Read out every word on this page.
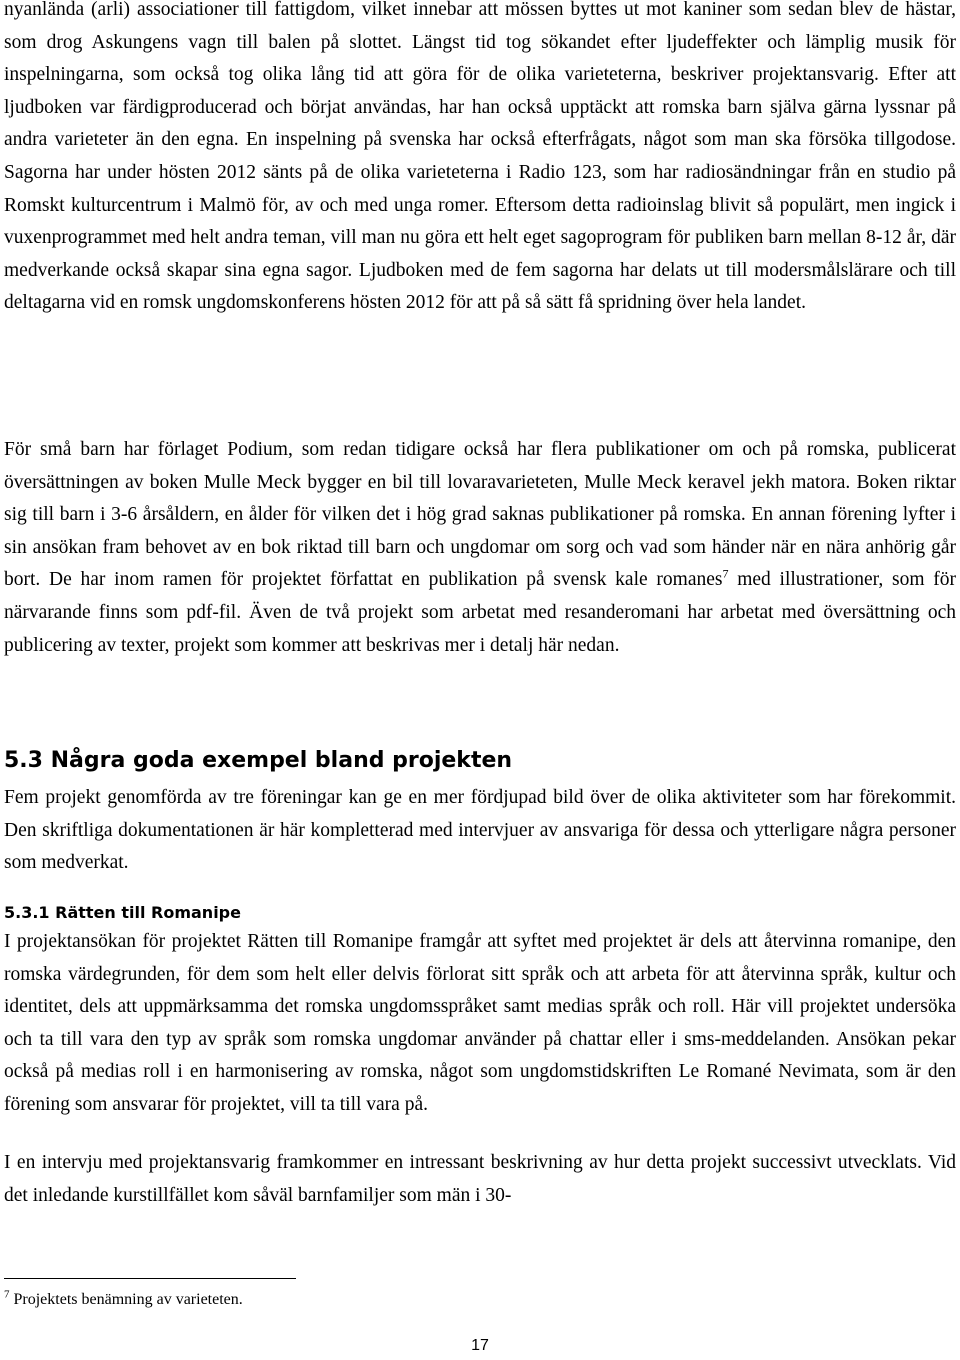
nyanlända (arli) associationer till fattigdom, vilket innebar att mössen byttes ut mot kaniner som sedan blev de hästar, som drog Askungens vagn till balen på slottet. Längst tid tog sökandet efter ljudeffekter och lämplig musik för inspelningarna, som också tog olika lång tid att göra för de olika varieteterna, beskriver projektansvarig. Efter att ljudboken var färdigproducerad och börjat användas, har han också upptäckt att romska barn själva gärna lyssnar på andra varieteter än den egna. En inspelning på svenska har också efterfrågats, något som man ska försöka tillgodose. Sagorna har under hösten 2012 sänts på de olika varieteterna i Radio 123, som har radiosändningar från en studio på Romskt kulturcentrum i Malmö för, av och med unga romer. Eftersom detta radioinslag blivit så populärt, men ingick i vuxenprogrammet med helt andra teman, vill man nu göra ett helt eget sagoprogram för publiken barn mellan 8-12 år, där medverkande också skapar sina egna sagor. Ljudboken med de fem sagorna har delats ut till modersmålslärare och till deltagarna vid en romsk ungdomskonferens hösten 2012 för att på så sätt få spridning över hela landet.

För små barn har förlaget Podium, som redan tidigare också har flera publikationer om och på romska, publicerat översättningen av boken Mulle Meck bygger en bil till lovaravarieteten, Mulle Meck keravel jekh matora. Boken riktar sig till barn i 3-6 årsåldern, en ålder för vilken det i hög grad saknas publikationer på romska. En annan förening lyfter i sin ansökan fram behovet av en bok riktad till barn och ungdomar om sorg och vad som händer när en nära anhörig går bort. De har inom ramen för projektet författat en publikation på svensk kale romanes$^7$ med illustrationer, som för närvarande finns som pdf-fil. Även de två projekt som arbetat med resanderomani har arbetat med översättning och publicering av texter, projekt som kommer att beskrivas mer i detalj här nedan.

5.3 Några goda exempel bland projekten

Fem projekt genomförda av tre föreningar kan ge en mer fördjupad bild över de olika aktiviteter som har förekommit. Den skriftliga dokumentationen är här kompletterad med intervjuer av ansvariga för dessa och ytterligare några personer som medverkat.

5.3.1 Rätten till Romanipe

I projektansökan för projektet Rätten till Romanipe framgår att syftet med projektet är dels att återvinna romanipe, den romska värdegrunden, för dem som helt eller delvis förlorat sitt språk och att arbeta för att återvinna språk, kultur och identitet, dels att uppmärksamma det romska ungdomsspråket samt medias språk och roll. Här vill projektet undersöka och ta till vara den typ av språk som romska ungdomar använder på chattar eller i sms-meddelanden. Ansökan pekar också på medias roll i en harmonisering av romska, något som ungdomstidskriften Le Romané Nevimata, som är den förening som ansvarar för projektet, vill ta till vara på.

I en intervju med projektansvarig framkommer en intressant beskrivning av hur detta projekt successivt utvecklats. Vid det inledande kurstillfället kom såväl barnfamiljer som män i 30-

$^7$ Projektets benämning av varieteten.

17
